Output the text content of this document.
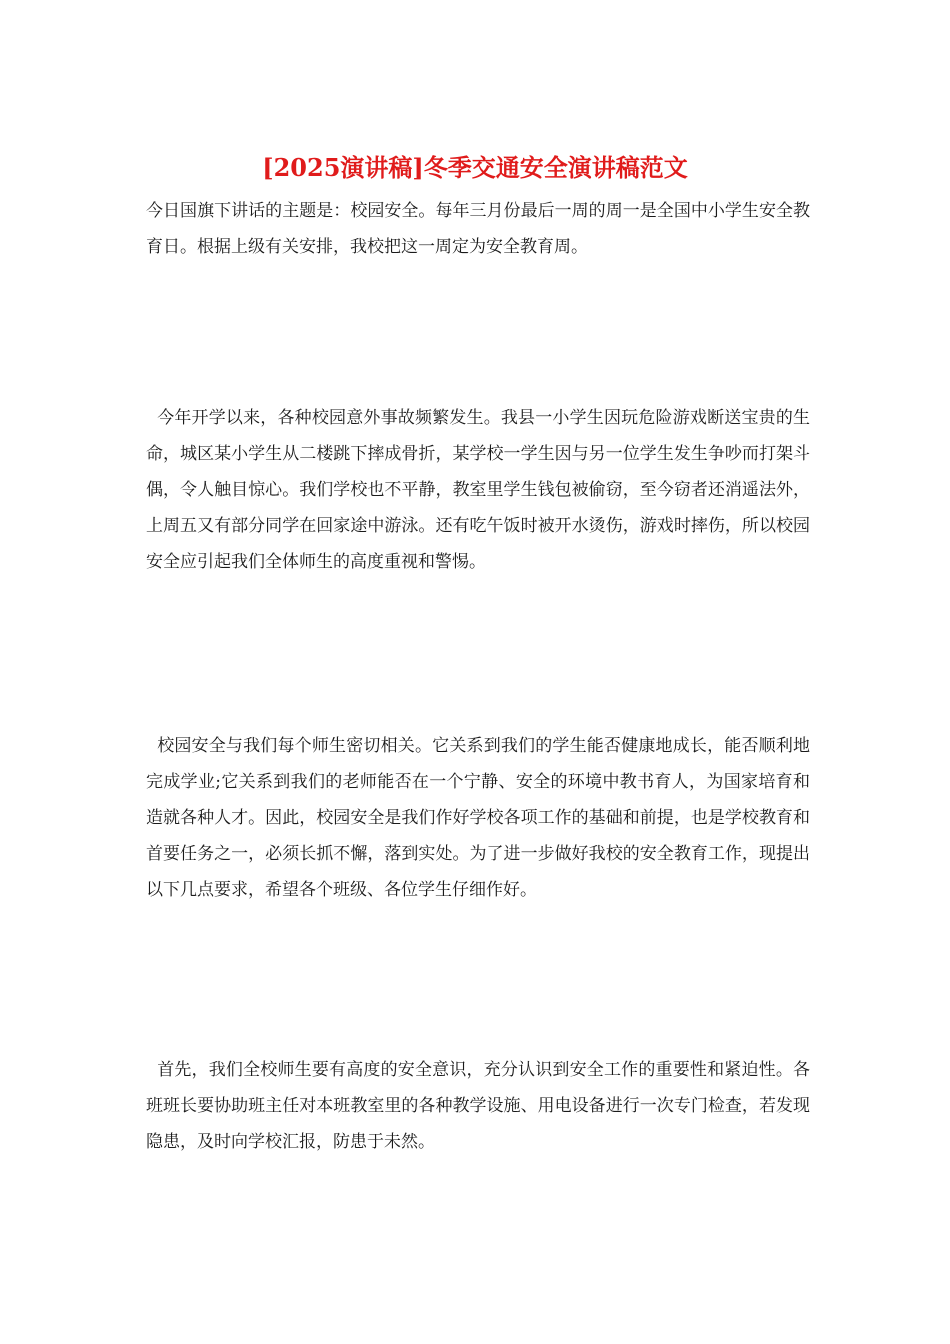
[2025演讲稿]冬季交通安全演讲稿范文
今日国旗下讲话的主题是：校园安全。每年三月份最后一周的周一是全国中小学生安全教育日。根据上级有关安排，我校把这一周定为安全教育周。
今年开学以来，各种校园意外事故频繁发生。我县一小学生因玩危险游戏断送宝贵的生命，城区某小学生从二楼跳下摔成骨折，某学校一学生因与另一位学生发生争吵而打架斗偶，令人触目惊心。我们学校也不平静，教室里学生钱包被偷窃，至今窃者还消遥法外，上周五又有部分同学在回家途中游泳。还有吃午饭时被开水烫伤，游戏时摔伤，所以校园安全应引起我们全体师生的高度重视和警惕。
校园安全与我们每个师生密切相关。它关系到我们的学生能否健康地成长，能否顺利地完成学业;它关系到我们的老师能否在一个宁静、安全的环境中教书育人，为国家培育和造就各种人才。因此，校园安全是我们作好学校各项工作的基础和前提，也是学校教育和首要任务之一，必须长抓不懈，落到实处。为了进一步做好我校的安全教育工作，现提出以下几点要求，希望各个班级、各位学生仔细作好。
首先，我们全校师生要有高度的安全意识，充分认识到安全工作的重要性和紧迫性。各班班长要协助班主任对本班教室里的各种教学设施、用电设备进行一次专门检查，若发现隐患，及时向学校汇报，防患于未然。
